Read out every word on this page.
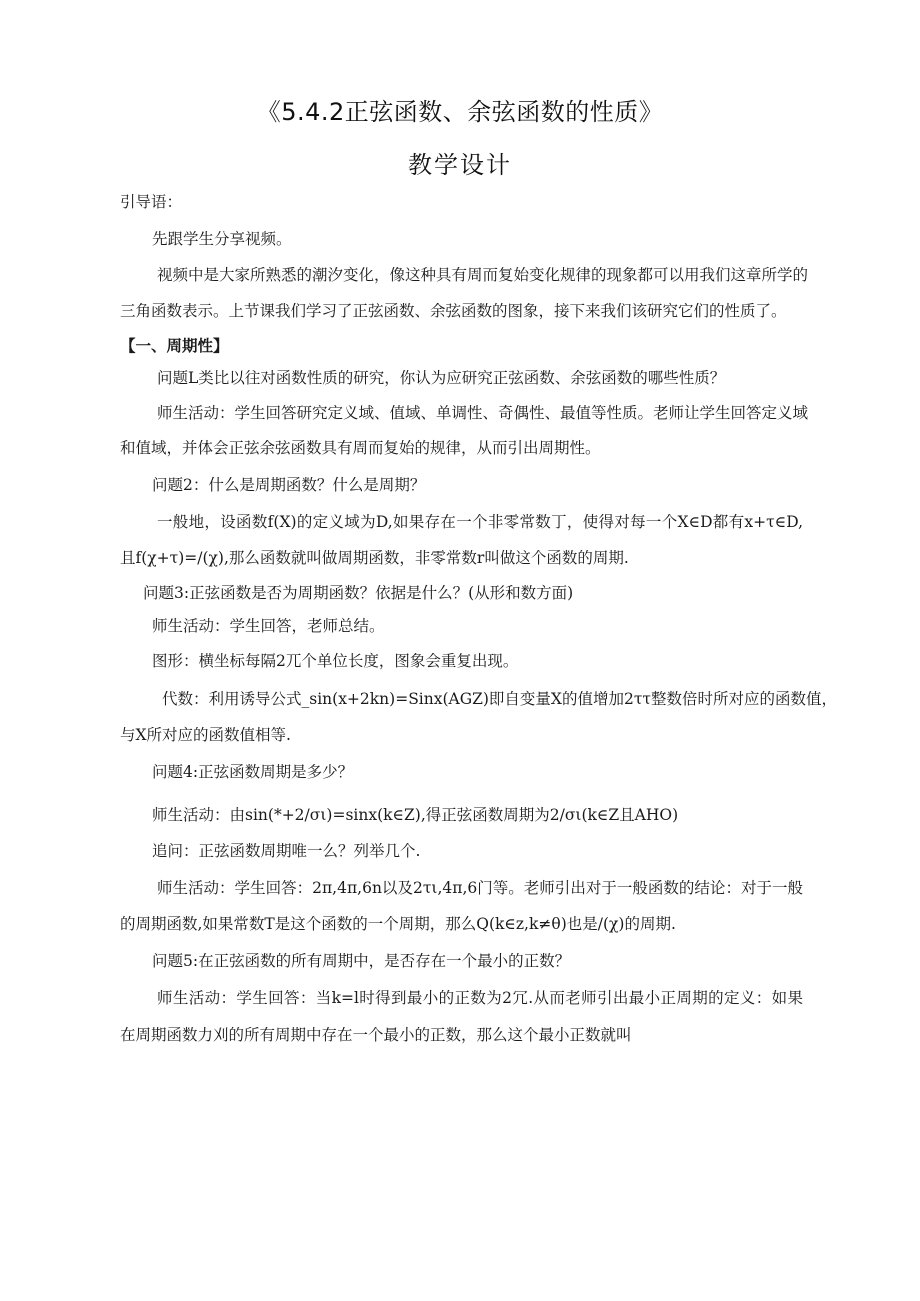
《5.4.2正弦函数、余弦函数的性质》
教学设计
引导语：
先跟学生分享视频。
视频中是大家所熟悉的潮汐变化，像这种具有周而复始变化规律的现象都可以用我们这章所学的
三角函数表示。上节课我们学习了正弦函数、余弦函数的图象，接下来我们该研究它们的性质了。
【一、周期性】
问题L类比以往对函数性质的研究，你认为应研究正弦函数、余弦函数的哪些性质？
师生活动：学生回答研究定义域、值域、单调性、奇偶性、最值等性质。老师让学生回答定义域
和值域，并体会正弦余弦函数具有周而复始的规律，从而引出周期性。
问题2：什么是周期函数？什么是周期？
一般地，设函数f(X)的定义域为D,如果存在一个非零常数丁，使得对每一个X∈D都有x+τ∈D,
且f(χ+τ)=/(χ),那么函数就叫做周期函数，非零常数r叫做这个函数的周期.
问题3:正弦函数是否为周期函数？依据是什么？(从形和数方面)
师生活动：学生回答，老师总结。
图形：横坐标每隔2兀个单位长度，图象会重复出现。
代数：利用诱导公式_sin(x+2kn)=Sinx(AGZ)即自变量X的值增加2ττ整数倍时所对应的函数值，
与X所对应的函数值相等.
问题4:正弦函数周期是多少？
师生活动：由sin(*+2/σι)=sinx(k∈Z),得正弦函数周期为2/σι(k∈Z且AHO)
追问：正弦函数周期唯一么？列举几个.
师生活动：学生回答：2π,4π,6n以及2τι,4π,6门等。老师引出对于一般函数的结论：对于一般
的周期函数,如果常数T是这个函数的一个周期，那么Q(k∈z,k≠θ)也是/(χ)的周期.
问题5:在正弦函数的所有周期中，是否存在一个最小的正数？
师生活动：学生回答：当k=l时得到最小的正数为2冗.从而老师引出最小正周期的定义：如果
在周期函数力刈的所有周期中存在一个最小的正数，那么这个最小正数就叫
